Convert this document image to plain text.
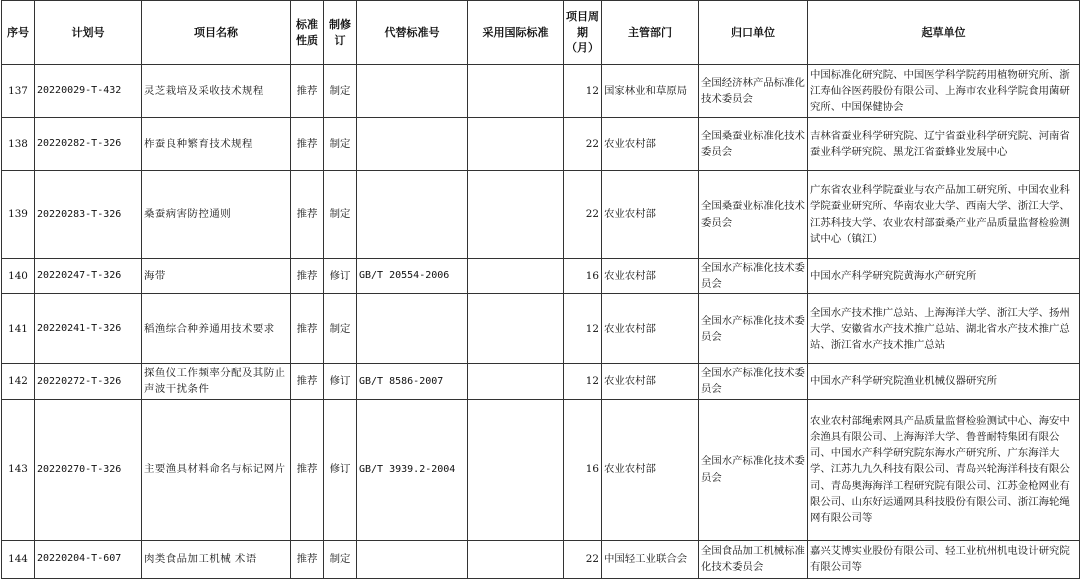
序号	计划号	项目名称	标准性质	制修订	代替标准号	采用国际标准	项目周期（月）	主管部门	归口单位	起草单位
137	20220029-T-432	灵芝栽培及采收技术规程	推荐	制定			12	国家林业和草原局	全国经济林产品标准化技术委员会	中国标准化研究院、中国医学科学院药用植物研究所、浙江寿仙谷医药股份有限公司、上海市农业科学院食用菌研究所、中国保健协会
138	20220282-T-326	柞蚕良种繁育技术规程	推荐	制定			22	农业农村部	全国桑蚕业标准化技术委员会	吉林省蚕业科学研究院、辽宁省蚕业科学研究院、河南省蚕业科学研究院、黑龙江省蚕蜂业发展中心
139	20220283-T-326	桑蚕病害防控通则	推荐	制定			22	农业农村部	全国桑蚕业标准化技术委员会	广东省农业科学院蚕业与农产品加工研究所、中国农业科学院蚕业研究所、华南农业大学、西南大学、浙江大学、江苏科技大学、农业农村部蚕桑产业产品质量监督检验测试中心（镇江）
140	20220247-T-326	海带	推荐	修订	GB/T 20554-2006		16	农业农村部	全国水产标准化技术委员会	中国水产科学研究院黄海水产研究所
141	20220241-T-326	稻渔综合种养通用技术要求	推荐	制定			12	农业农村部	全国水产标准化技术委员会	全国水产技术推广总站、上海海洋大学、浙江大学、扬州大学、安徽省水产技术推广总站、湖北省水产技术推广总站、浙江省水产技术推广总站
142	20220272-T-326	探鱼仪工作频率分配及其防止声波干扰条件	推荐	修订	GB/T 8586-2007		12	农业农村部	全国水产标准化技术委员会	中国水产科学研究院渔业机械仪器研究所
143	20220270-T-326	主要渔具材料命名与标记网片	推荐	修订	GB/T 3939.2-2004		16	农业农村部	全国水产标准化技术委员会	农业农村部绳索网具产品质量监督检验测试中心、海安中余渔具有限公司、上海海洋大学、鲁普耐特集团有限公司、中国水产科学研究院东海水产研究所、广东海洋大学、江苏九九久科技有限公司、青岛兴轮海洋科技有限公司、青岛奥海海洋工程研究院有限公司、江苏金枪网业有限公司、山东好运通网具科技股份有限公司、浙江海轮绳网有限公司等
144	20220204-T-607	肉类食品加工机械 术语	推荐	制定			22	中国轻工业联合会	全国食品加工机械标准化技术委员会	嘉兴艾博实业股份有限公司、轻工业杭州机电设计研究院有限公司等
